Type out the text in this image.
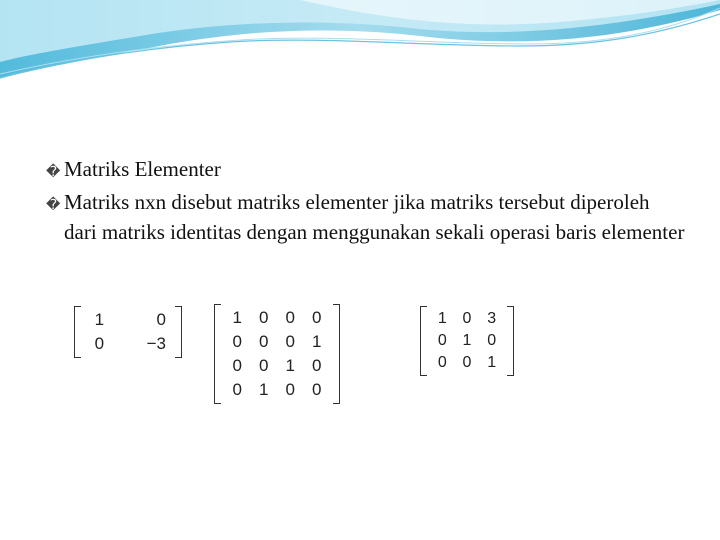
� Matriks Elementer
� Matriks nxn disebut matriks elementer jika matriks tersebut diperoleh dari matriks identitas dengan menggunakan sekali operasi baris elementer
1	0
0	−3
1	0	0	0
0	0	0	1
0	0	1	0
0	1	0	0
1	0	3
0	1	0
0	0	1
